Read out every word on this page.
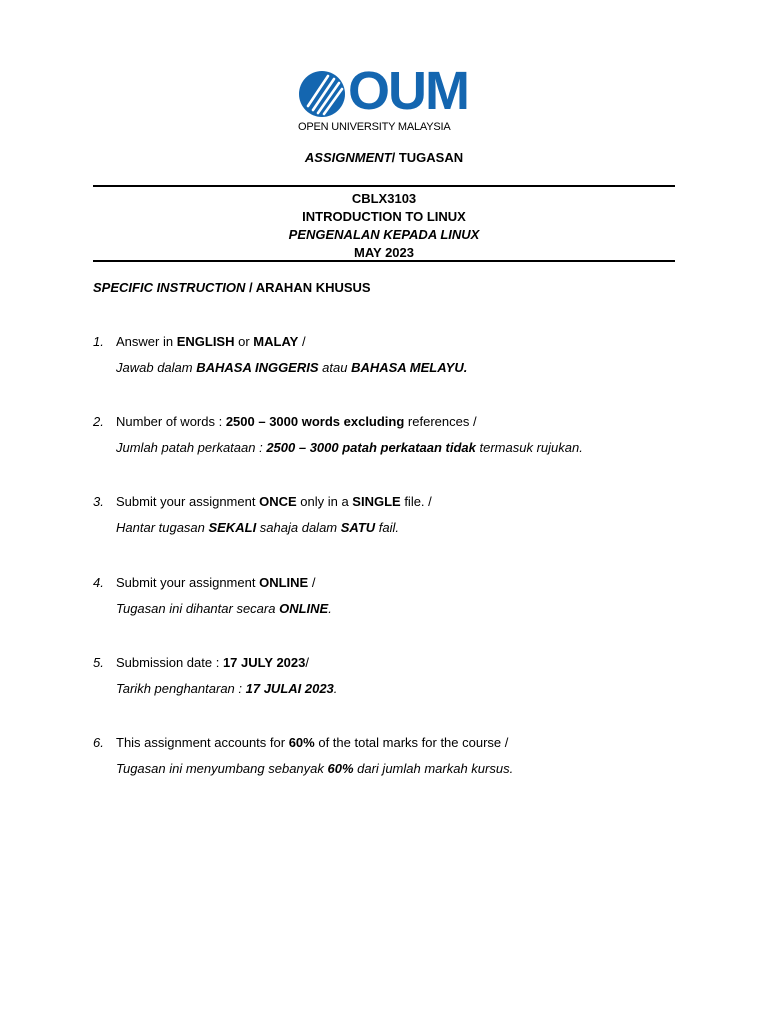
OUM
OPEN UNIVERSITY MALAYSIA
ASSIGNMENT/ TUGASAN
CBLX3103
INTRODUCTION TO LINUX
PENGENALAN KEPADA LINUX
MAY 2023
SPECIFIC INSTRUCTION / ARAHAN KHUSUS
1. Answer in ENGLISH or MALAY /
Jawab dalam BAHASA INGGERIS atau BAHASA MELAYU.
2. Number of words : 2500 – 3000 words excluding references /
Jumlah patah perkataan : 2500 – 3000 patah perkataan tidak termasuk rujukan.
3. Submit your assignment ONCE only in a SINGLE file. /
Hantar tugasan SEKALI sahaja dalam SATU fail.
4. Submit your assignment ONLINE /
Tugasan ini dihantar secara ONLINE.
5. Submission date : 17 JULY 2023/
Tarikh penghantaran : 17 JULAI 2023.
6. This assignment accounts for 60% of the total marks for the course /
Tugasan ini menyumbang sebanyak 60% dari jumlah markah kursus.
